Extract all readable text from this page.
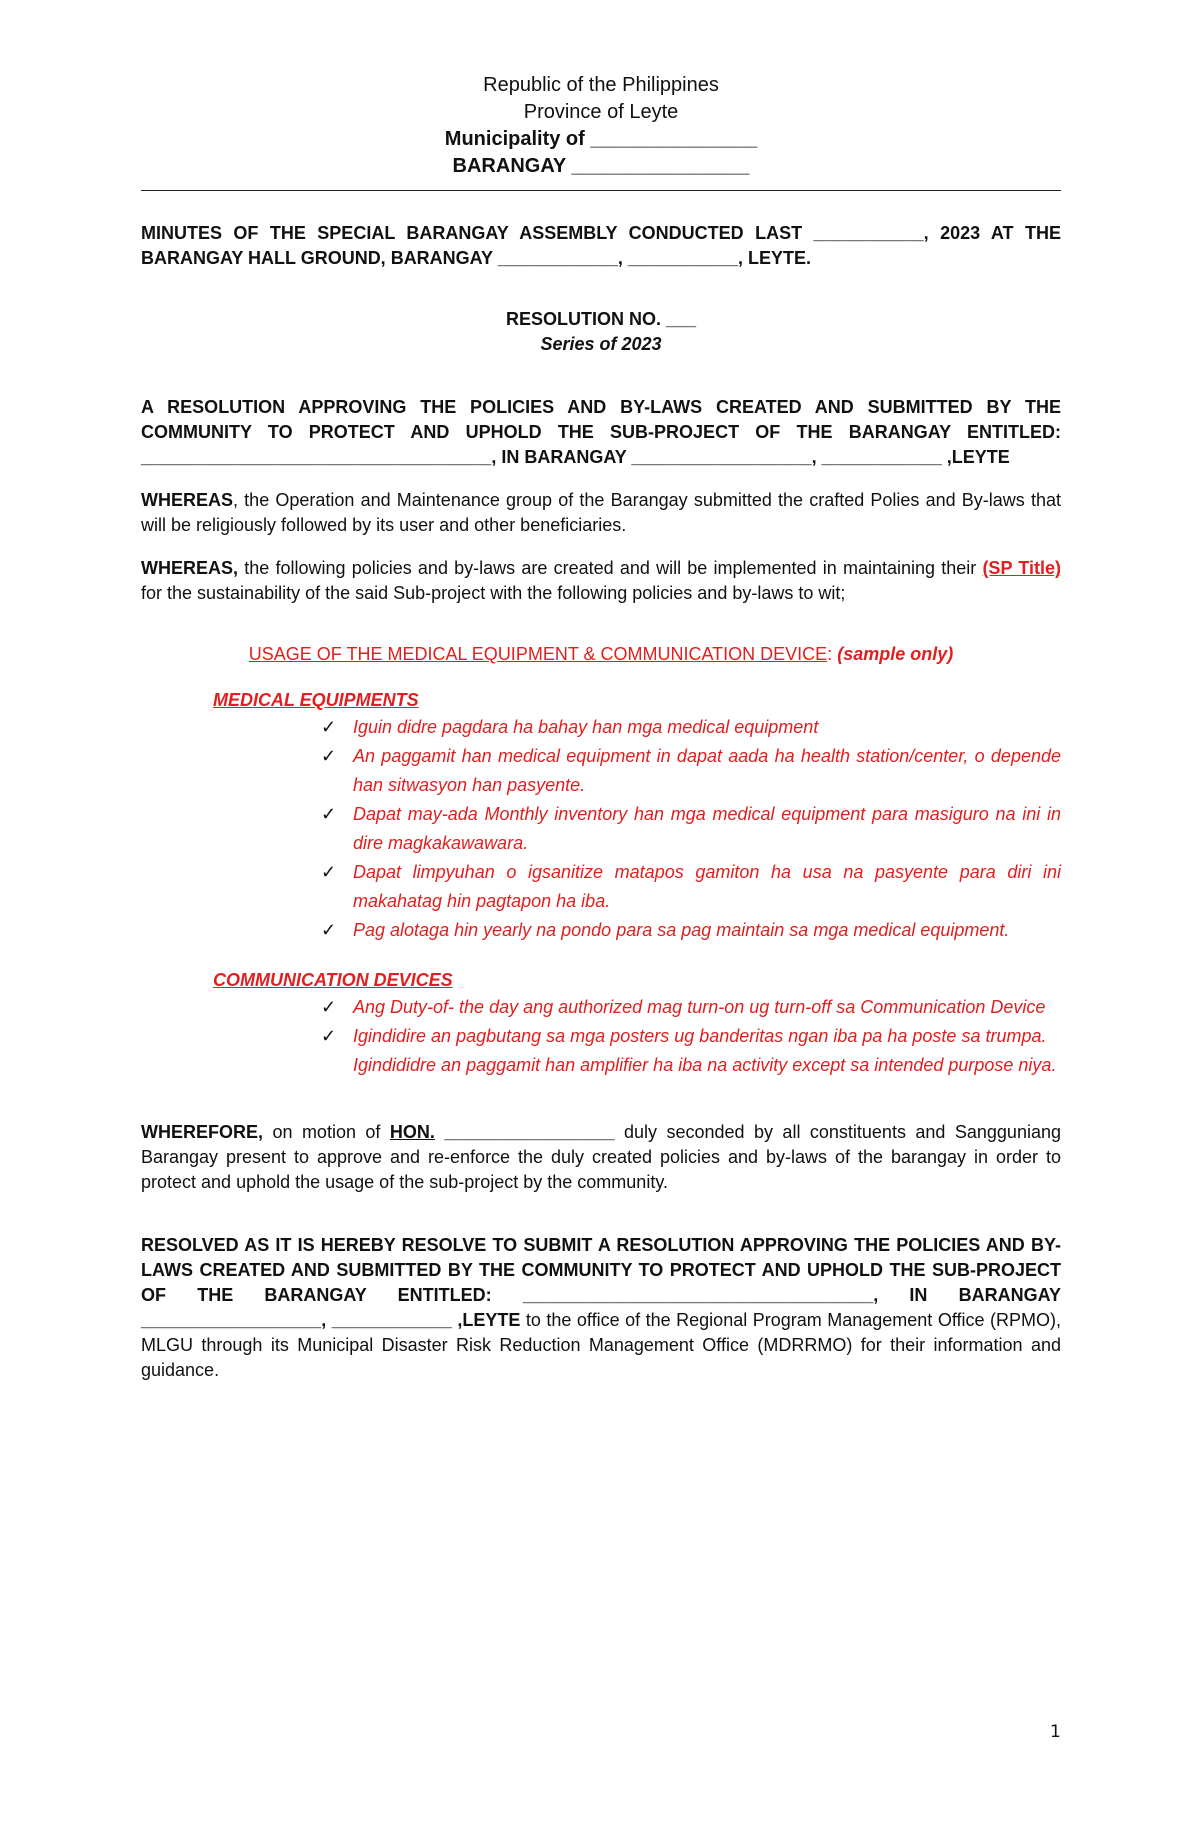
Republic of the Philippines
Province of Leyte
Municipality of _______________
BARANGAY ________________

MINUTES OF THE SPECIAL BARANGAY ASSEMBLY CONDUCTED LAST ___________, 2023 AT THE BARANGAY HALL GROUND, BARANGAY ____________, ___________, LEYTE.

RESOLUTION NO. ___

Series of 2023

A RESOLUTION APPROVING THE POLICIES AND BY-LAWS CREATED AND SUBMITTED BY THE COMMUNITY TO PROTECT AND UPHOLD THE SUB-PROJECT OF THE BARANGAY ENTITLED: ___________________________________, IN BARANGAY __________________, ____________ ,LEYTE

WHEREAS, the Operation and Maintenance group of the Barangay submitted the crafted Polies and By-laws that will be religiously followed by its user and other beneficiaries.

WHEREAS, the following policies and by-laws are created and will be implemented in maintaining their (SP Title) for the sustainability of the said Sub-project with the following policies and by-laws to wit;

USAGE OF THE MEDICAL EQUIPMENT & COMMUNICATION DEVICE: (sample only)

MEDICAL EQUIPMENTS
✓ Iguin didre pagdara ha bahay han mga medical equipment
✓ An paggamit han medical equipment in dapat aada ha health station/center, o depende han sitwasyon han pasyente.
✓ Dapat may-ada Monthly inventory han mga medical equipment para masiguro na ini in dire magkakawawara.
✓ Dapat limpyuhan o igsanitize matapos gamiton ha usa na pasyente para diri ini makahatag hin pagtapon ha iba.
✓ Pag alotaga hin yearly na pondo para sa pag maintain sa mga medical equipment.
COMMUNICATION DEVICES
✓ Ang Duty-of- the day ang authorized mag turn-on ug turn-off sa Communication Device
✓ Igindidire an pagbutang sa mga posters ug banderitas ngan iba pa ha poste sa trumpa.
Igindididre an paggamit han amplifier ha iba na activity except sa intended purpose niya.

WHEREFORE, on motion of HON. _________________ duly seconded by all constituents and Sangguniang Barangay present to approve and re-enforce the duly created policies and by-laws of the barangay in order to protect and uphold the usage of the sub-project by the community.

RESOLVED AS IT IS HEREBY RESOLVE TO SUBMIT A RESOLUTION APPROVING THE POLICIES AND BY-LAWS CREATED AND SUBMITTED BY THE COMMUNITY TO PROTECT AND UPHOLD THE SUB-PROJECT OF THE BARANGAY ENTITLED: ___________________________________, IN BARANGAY __________________, ____________ ,LEYTE to the office of the Regional Program Management Office (RPMO), MLGU through its Municipal Disaster Risk Reduction Management Office (MDRRMO) for their information and guidance.

1
